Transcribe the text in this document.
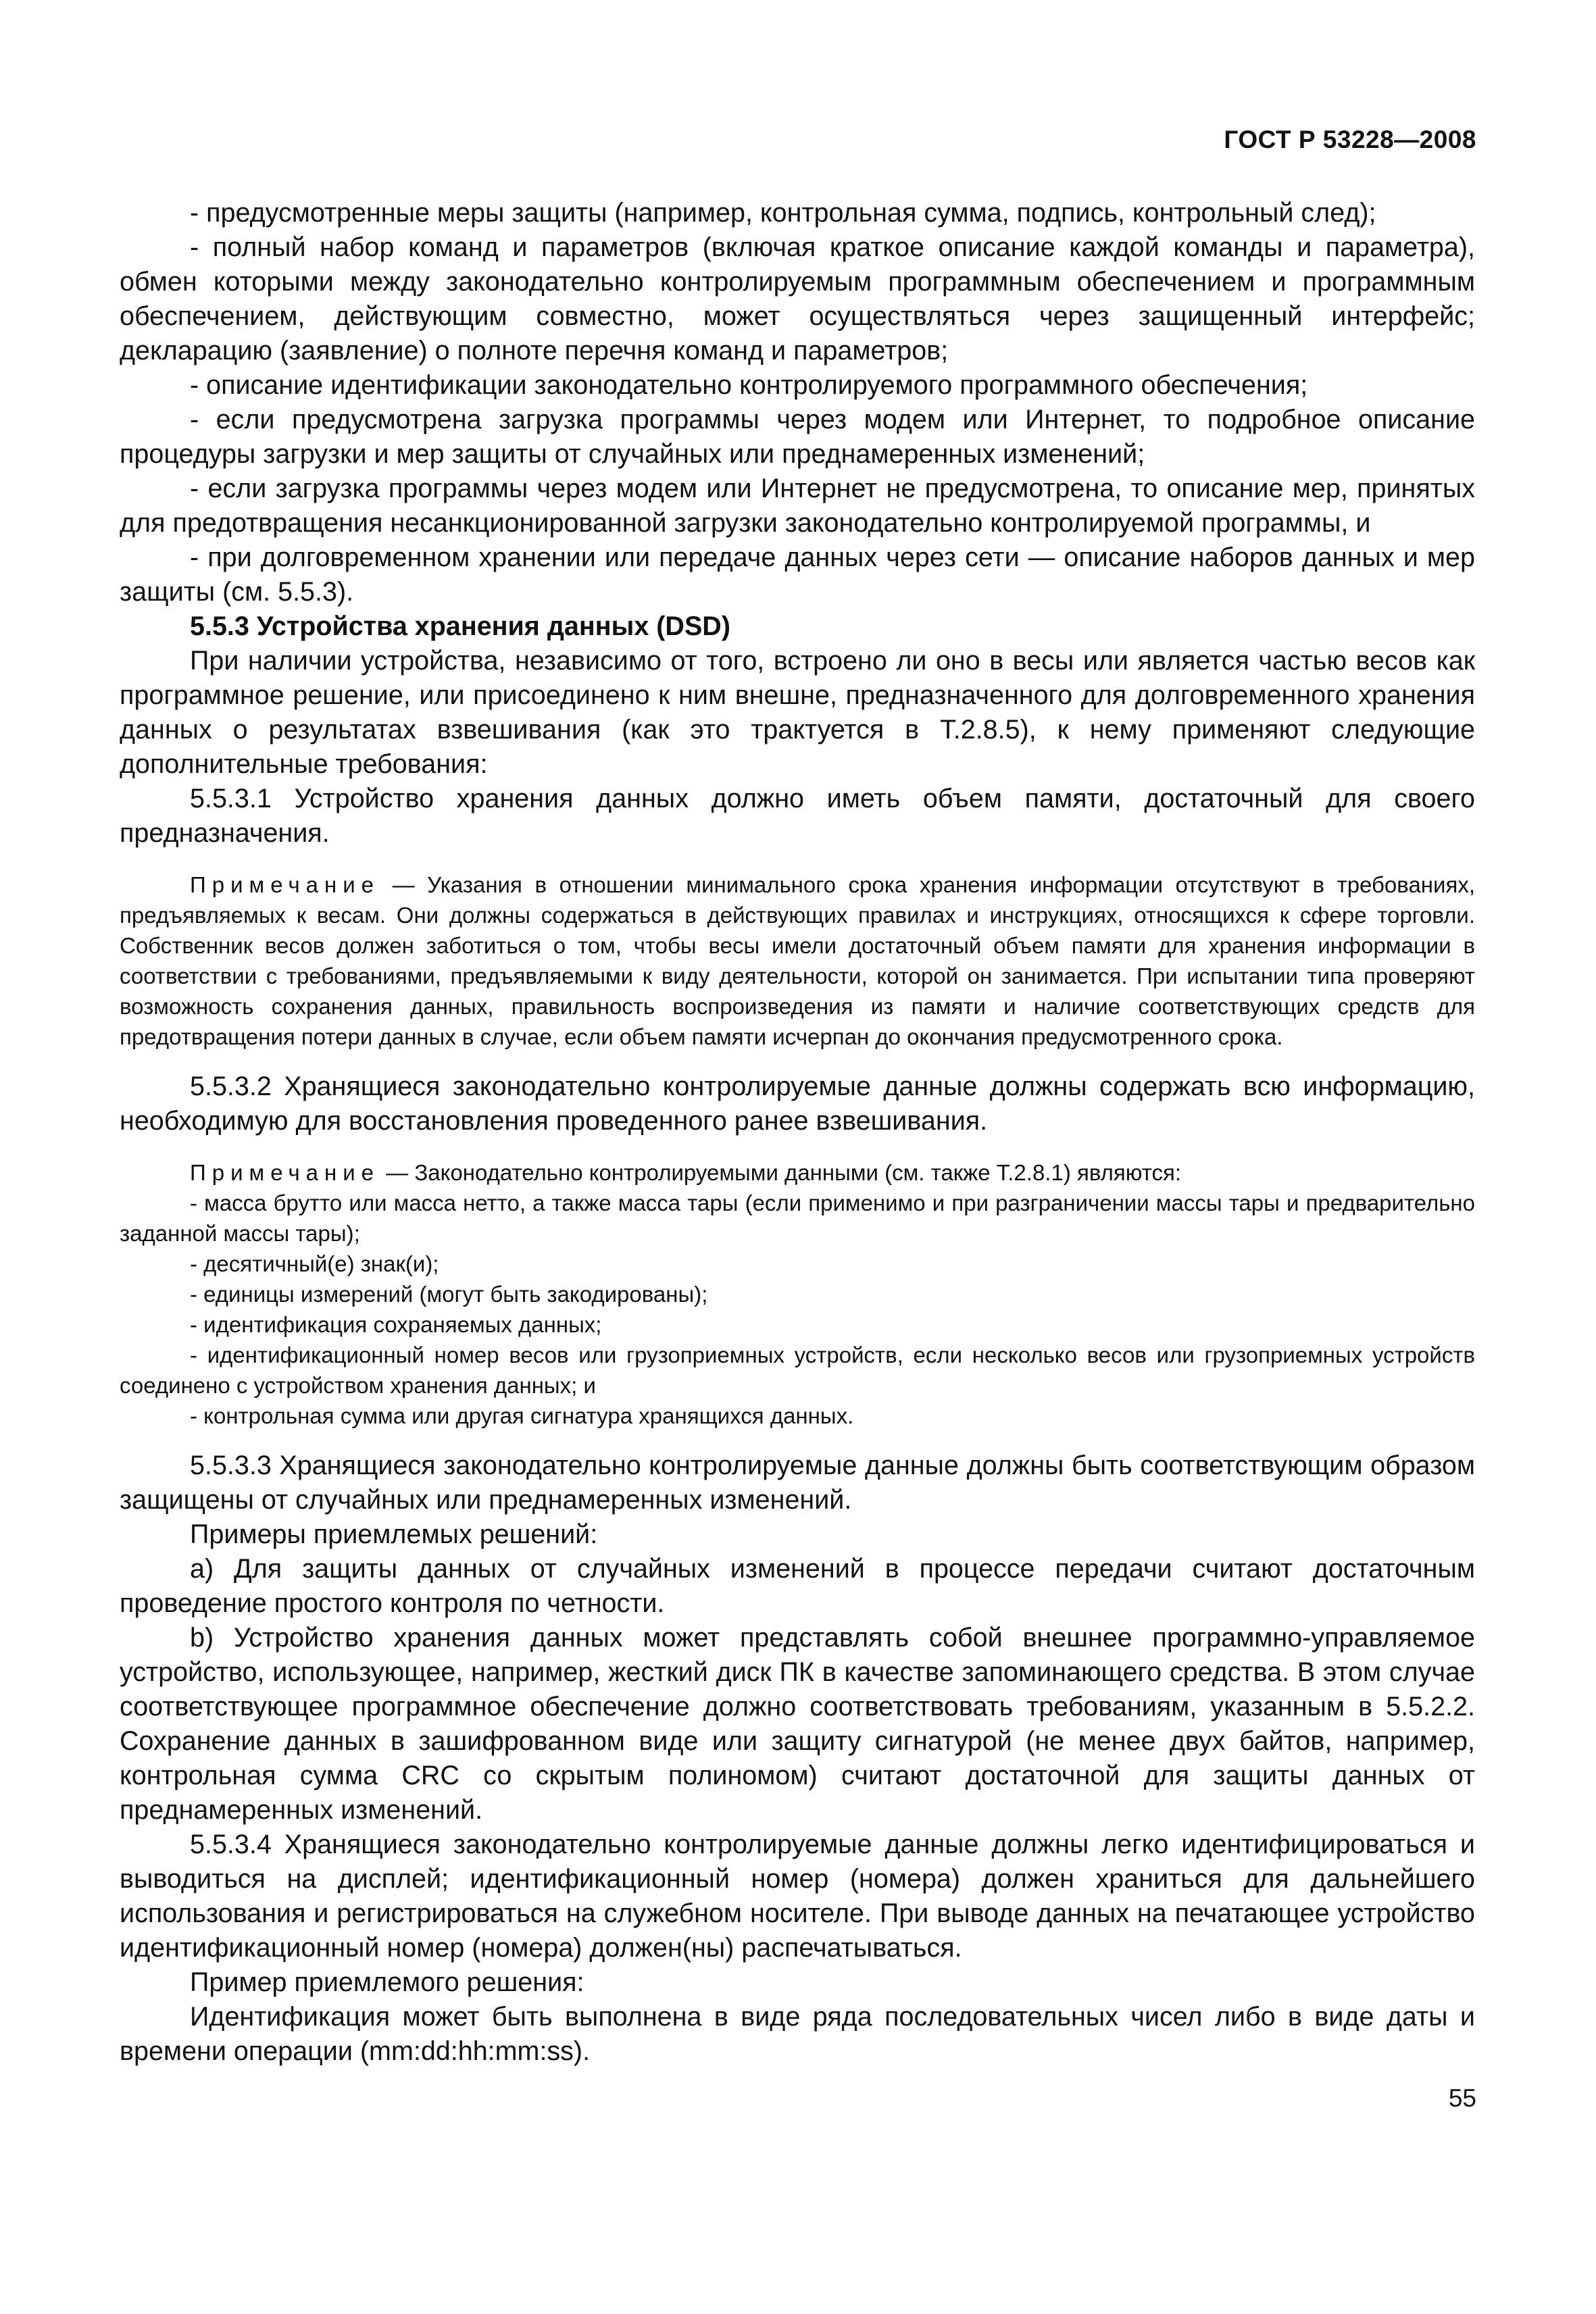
ГОСТ Р 53228—2008

- предусмотренные меры защиты (например, контрольная сумма, подпись, контрольный след);

- полный набор команд и параметров (включая краткое описание каждой команды и параметра), обмен которыми между законодательно контролируемым программным обеспечением и программным обеспечением, действующим совместно, может осуществляться через защищенный интерфейс; декларацию (заявление) о полноте перечня команд и параметров;

- описание идентификации законодательно контролируемого программного обеспечения;

- если предусмотрена загрузка программы через модем или Интернет, то подробное описание процедуры загрузки и мер защиты от случайных или преднамеренных изменений;

- если загрузка программы через модем или Интернет не предусмотрена, то описание мер, принятых для предотвращения несанкционированной загрузки законодательно контролируемой программы, и

- при долговременном хранении или передаче данных через сети — описание наборов данных и мер защиты (см. 5.5.3).

5.5.3 Устройства хранения данных (DSD)

При наличии устройства, независимо от того, встроено ли оно в весы или является частью весов как программное решение, или присоединено к ним внешне, предназначенного для долговременного хранения данных о результатах взвешивания (как это трактуется в Т.2.8.5), к нему применяют следующие дополнительные требования:

5.5.3.1 Устройство хранения данных должно иметь объем памяти, достаточный для своего предназначения.

Примечание — Указания в отношении минимального срока хранения информации отсутствуют в требованиях, предъявляемых к весам. Они должны содержаться в действующих правилах и инструкциях, относящихся к сфере торговли. Собственник весов должен заботиться о том, чтобы весы имели достаточный объем памяти для хранения информации в соответствии с требованиями, предъявляемыми к виду деятельности, которой он занимается. При испытании типа проверяют возможность сохранения данных, правильность воспроизведения из памяти и наличие соответствующих средств для предотвращения потери данных в случае, если объем памяти исчерпан до окончания предусмотренного срока.

5.5.3.2 Хранящиеся законодательно контролируемые данные должны содержать всю информацию, необходимую для восстановления проведенного ранее взвешивания.

Примечание — Законодательно контролируемыми данными (см. также Т.2.8.1) являются:

- масса брутто или масса нетто, а также масса тары (если применимо и при разграничении массы тары и предварительно заданной массы тары);

- десятичный(е) знак(и);

- единицы измерений (могут быть закодированы);

- идентификация сохраняемых данных;

- идентификационный номер весов или грузоприемных устройств, если несколько весов или грузоприемных устройств соединено с устройством хранения данных; и

- контрольная сумма или другая сигнатура хранящихся данных.

5.5.3.3 Хранящиеся законодательно контролируемые данные должны быть соответствующим образом защищены от случайных или преднамеренных изменений.

Примеры приемлемых решений:

а) Для защиты данных от случайных изменений в процессе передачи считают достаточным проведение простого контроля по четности.

b) Устройство хранения данных может представлять собой внешнее программно-управляемое устройство, использующее, например, жесткий диск ПК в качестве запоминающего средства. В этом случае соответствующее программное обеспечение должно соответствовать требованиям, указанным в 5.5.2.2. Сохранение данных в зашифрованном виде или защиту сигнатурой (не менее двух байтов, например, контрольная сумма CRC со скрытым полиномом) считают достаточной для защиты данных от преднамеренных изменений.

5.5.3.4 Хранящиеся законодательно контролируемые данные должны легко идентифицироваться и выводиться на дисплей; идентификационный номер (номера) должен храниться для дальнейшего использования и регистрироваться на служебном носителе. При выводе данных на печатающее устройство идентификационный номер (номера) должен(ны) распечатываться.

Пример приемлемого решения:

Идентификация может быть выполнена в виде ряда последовательных чисел либо в виде даты и времени операции (mm:dd:hh:mm:ss).

55
